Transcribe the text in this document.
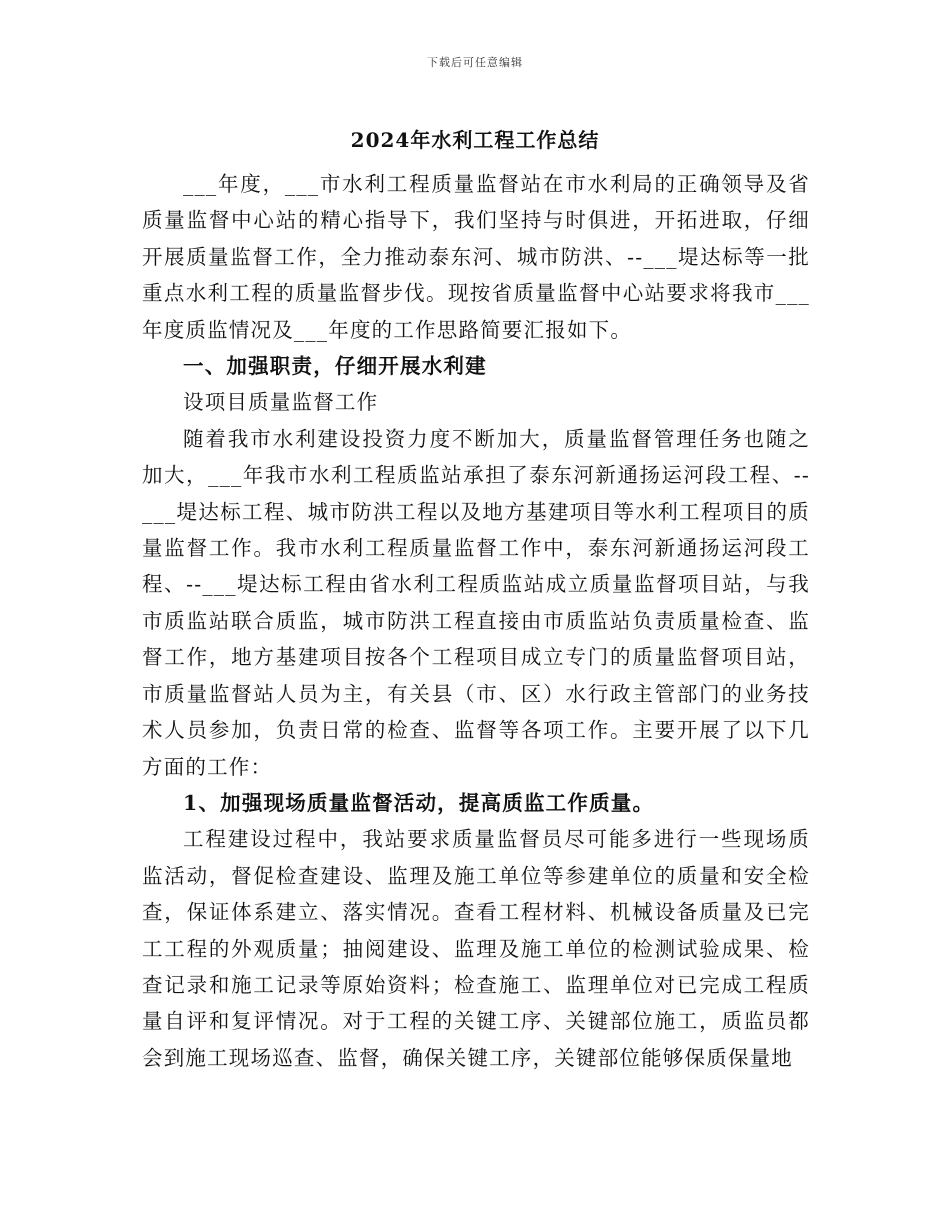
下载后可任意编辑
2024年水利工程工作总结

___年度，___市水利工程质量监督站在市水利局的正确领导及省质量监督中心站的精心指导下，我们坚持与时俱进，开拓进取，仔细开展质量监督工作，全力推动泰东河、城市防洪、--___堤达标等一批重点水利工程的质量监督步伐。现按省质量监督中心站要求将我市___年度质监情况及___年度的工作思路简要汇报如下。

一、加强职责，仔细开展水利建

设项目质量监督工作

随着我市水利建设投资力度不断加大，质量监督管理任务也随之加大，___年我市水利工程质监站承担了泰东河新通扬运河段工程、--___堤达标工程、城市防洪工程以及地方基建项目等水利工程项目的质量监督工作。我市水利工程质量监督工作中，泰东河新通扬运河段工程、--___堤达标工程由省水利工程质监站成立质量监督项目站，与我市质监站联合质监，城市防洪工程直接由市质监站负责质量检查、监督工作，地方基建项目按各个工程项目成立专门的质量监督项目站，市质量监督站人员为主，有关县（市、区）水行政主管部门的业务技术人员参加，负责日常的检查、监督等各项工作。主要开展了以下几方面的工作：

1、加强现场质量监督活动，提高质监工作质量。

工程建设过程中，我站要求质量监督员尽可能多进行一些现场质监活动，督促检查建设、监理及施工单位等参建单位的质量和安全检查，保证体系建立、落实情况。查看工程材料、机械设备质量及已完工工程的外观质量；抽阅建设、监理及施工单位的检测试验成果、检查记录和施工记录等原始资料；检查施工、监理单位对已完成工程质量自评和复评情况。对于工程的关键工序、关键部位施工，质监员都会到施工现场巡查、监督，确保关键工序，关键部位能够保质保量地
